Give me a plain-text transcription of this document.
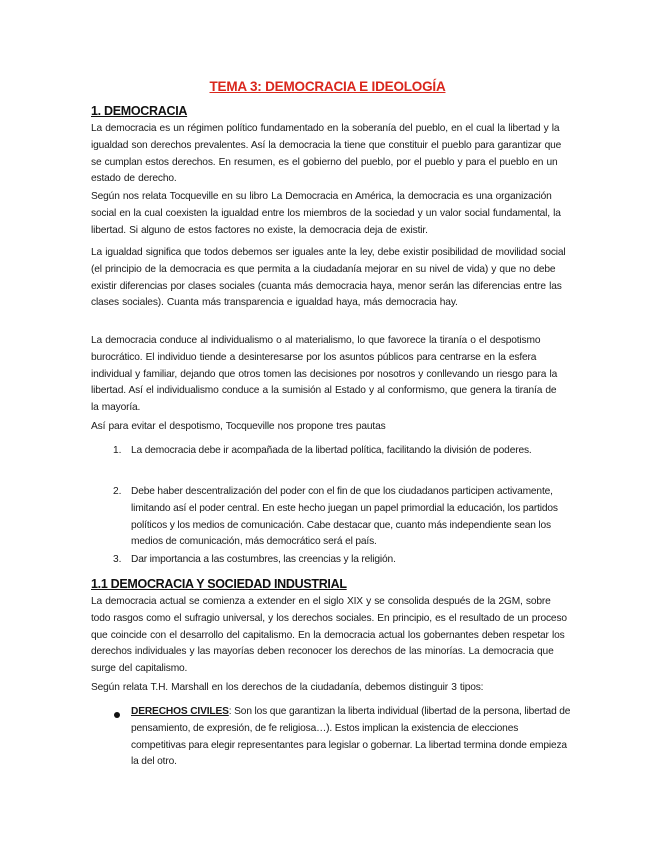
TEMA 3: DEMOCRACIA E IDEOLOGÍA
1. DEMOCRACIA
La democracia es un régimen político fundamentado en la soberanía del pueblo, en el cual la libertad y la igualdad son derechos prevalentes. Así la democracia la tiene que constituir el pueblo para garantizar que se cumplan estos derechos. En resumen, es el gobierno del pueblo, por el pueblo y para el pueblo en un estado de derecho.
Según nos relata Tocqueville en su libro La Democracia en América, la democracia es una organización social en la cual coexisten la igualdad entre los miembros de la sociedad y un valor social fundamental, la libertad. Si alguno de estos factores no existe, la democracia deja de existir.
La igualdad significa que todos debemos ser iguales ante la ley, debe existir posibilidad de movilidad social (el principio de la democracia es que permita a la ciudadanía mejorar en su nivel de vida) y que no debe existir diferencias por clases sociales (cuanta más democracia haya, menor serán las diferencias entre las clases sociales). Cuanta más transparencia e igualdad haya, más democracia hay.
La democracia conduce al individualismo o al materialismo, lo que favorece la tiranía o el despotismo burocrático. El individuo tiende a desinteresarse por los asuntos públicos para centrarse en la esfera individual y familiar, dejando que otros tomen las decisiones por nosotros y conllevando un riesgo para la libertad. Así el individualismo conduce a la sumisión al Estado y al conformismo, que genera la tiranía de la mayoría.
Así para evitar el despotismo, Tocqueville nos propone tres pautas
1. La democracia debe ir acompañada de la libertad política, facilitando la división de poderes.
2. Debe haber descentralización del poder con el fin de que los ciudadanos participen activamente, limitando así el poder central. En este hecho juegan un papel primordial la educación, los partidos políticos y los medios de comunicación. Cabe destacar que, cuanto más independiente sean los medios de comunicación, más democrático será el país.
3. Dar importancia a las costumbres, las creencias y la religión.
1.1 DEMOCRACIA Y SOCIEDAD INDUSTRIAL
La democracia actual se comienza a extender en el siglo XIX y se consolida después de la 2GM, sobre todo rasgos como el sufragio universal, y los derechos sociales. En principio, es el resultado de un proceso que coincide con el desarrollo del capitalismo. En la democracia actual los gobernantes deben respetar los derechos individuales y las mayorías deben reconocer los derechos de las minorías. La democracia que surge del capitalismo.
Según relata T.H. Marshall en los derechos de la ciudadanía, debemos distinguir 3 tipos:
DERECHOS CIVILES: Son los que garantizan la liberta individual (libertad de la persona, libertad de pensamiento, de expresión, de fe religiosa…). Estos implican la existencia de elecciones competitivas para elegir representantes para legislar o gobernar. La libertad termina donde empieza la del otro.
